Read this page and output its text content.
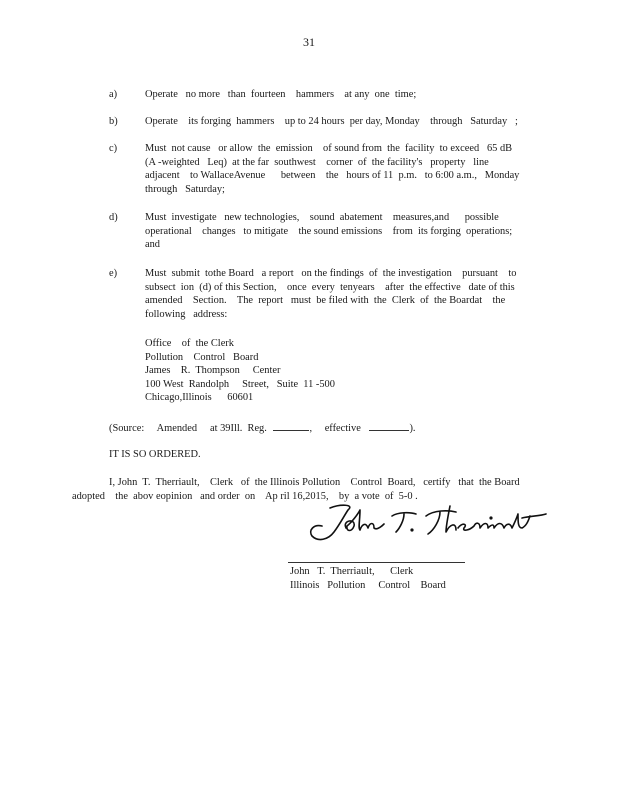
31
a)	Operate   no more   than  fourteen    hammers    at any  one  time;
b)	Operate    its forging  hammers    up to 24 hours  per day, Monday    through   Saturday   ;
c)	Must  not cause   or allow  the  emission    of sound from  the  facility  to exceed   65 dB
(A -weighted   Leq)  at the far  southwest    corner  of  the facility's   property   line
adjacent    to WallaceAvenue      between    the   hours of 11  p.m.   to 6:00 a.m.,   Monday
through   Saturday;
d)	Must  investigate   new technologies,    sound  abatement    measures,and      possible
operational    changes   to mitigate    the sound emissions    from  its forging  operations;
and
e)	Must  submit  tothe Board   a report   on the findings  of  the investigation    pursuant    to
subsect  ion  (d) of this Section,    once  every  tenyears    after  the effective   date of this
amended    Section.    The  report   must  be filed with  the  Clerk  of  the Boardat    the
following   address:
Office    of  the Clerk
Pollution    Control   Board
James    R.  Thompson     Center
100 West  Randolph     Street,   Suite  11 -500
Chicago,Illinois      60601
(Source:     Amended     at 39Ill.  Reg.	, effective	).
IT IS SO ORDERED.
I, John  T.  Therriault,    Clerk   of  the Illinois Pollution    Control  Board,   certify   that  the Board
adopted    the  abov eopinion   and order  on    Ap ril 16,2015,    by  a vote  of  5-0 .
John   T.  Therriault,      Clerk
Illinois   Pollution     Control    Board
